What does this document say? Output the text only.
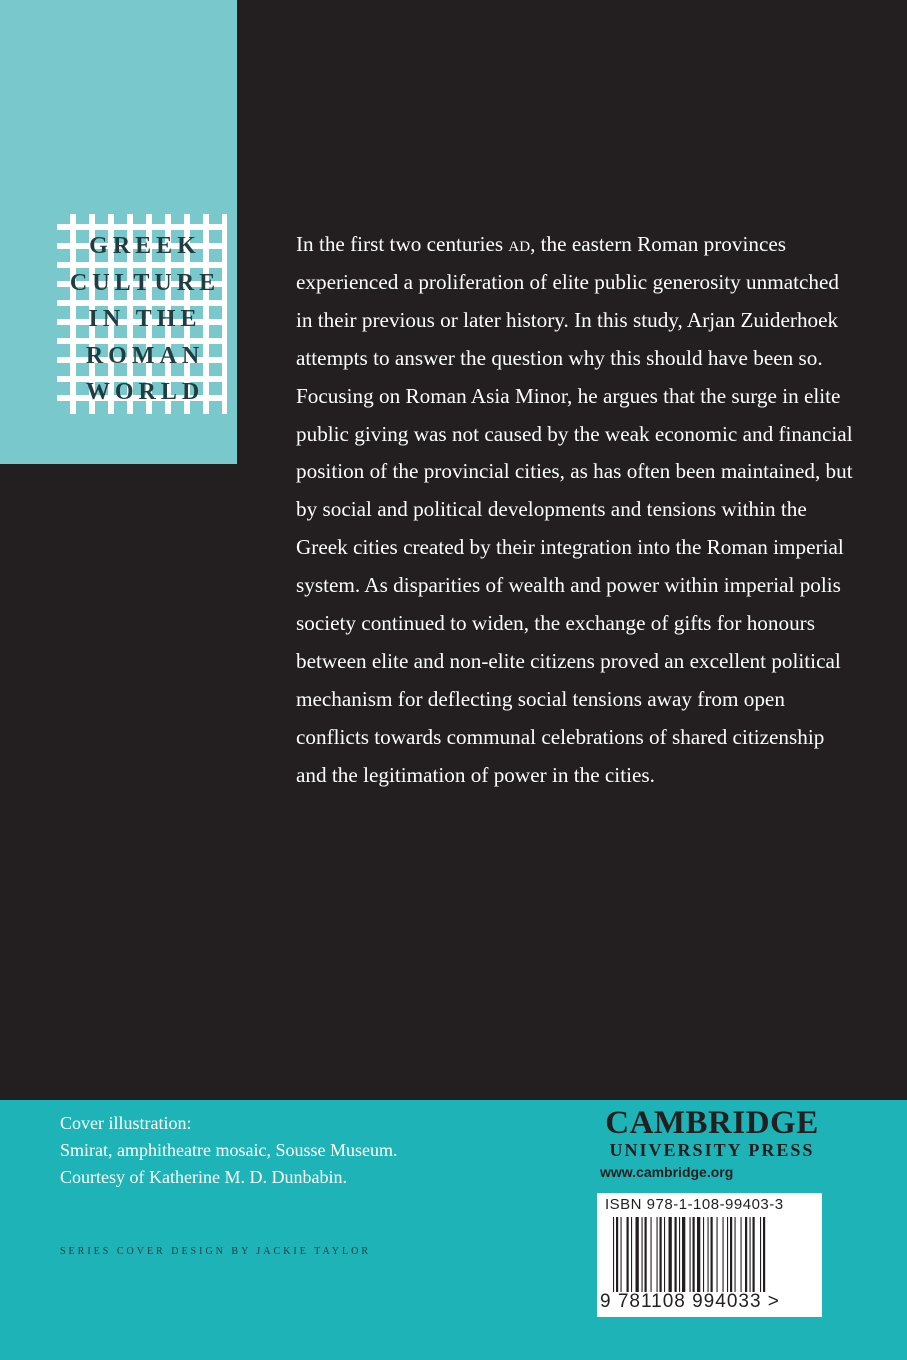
GREEK
CULTURE
IN THE
ROMAN
WORLD

In the first two centuries ad, the eastern Roman provinces experienced a proliferation of elite public generosity unmatched in their previous or later history. In this study, Arjan Zuiderhoek attempts to answer the question why this should have been so. Focusing on Roman Asia Minor, he argues that the surge in elite public giving was not caused by the weak economic and financial position of the provincial cities, as has often been maintained, but by social and political developments and tensions within the Greek cities created by their integration into the Roman imperial system. As disparities of wealth and power within imperial polis society continued to widen, the exchange of gifts for honours between elite and non-elite citizens proved an excellent political mechanism for deflecting social tensions away from open conflicts towards communal celebrations of shared citizenship and the legitimation of power in the cities.

Cover illustration:
Smirat, amphitheatre mosaic, Sousse Museum.
Courtesy of Katherine M. D. Dunbabin.
SERIES COVER DESIGN BY JACKIE TAYLOR
CAMBRIDGE
UNIVERSITY PRESS
www.cambridge.org
ISBN 978-1-108-99403-3
9 781108 994033 >
